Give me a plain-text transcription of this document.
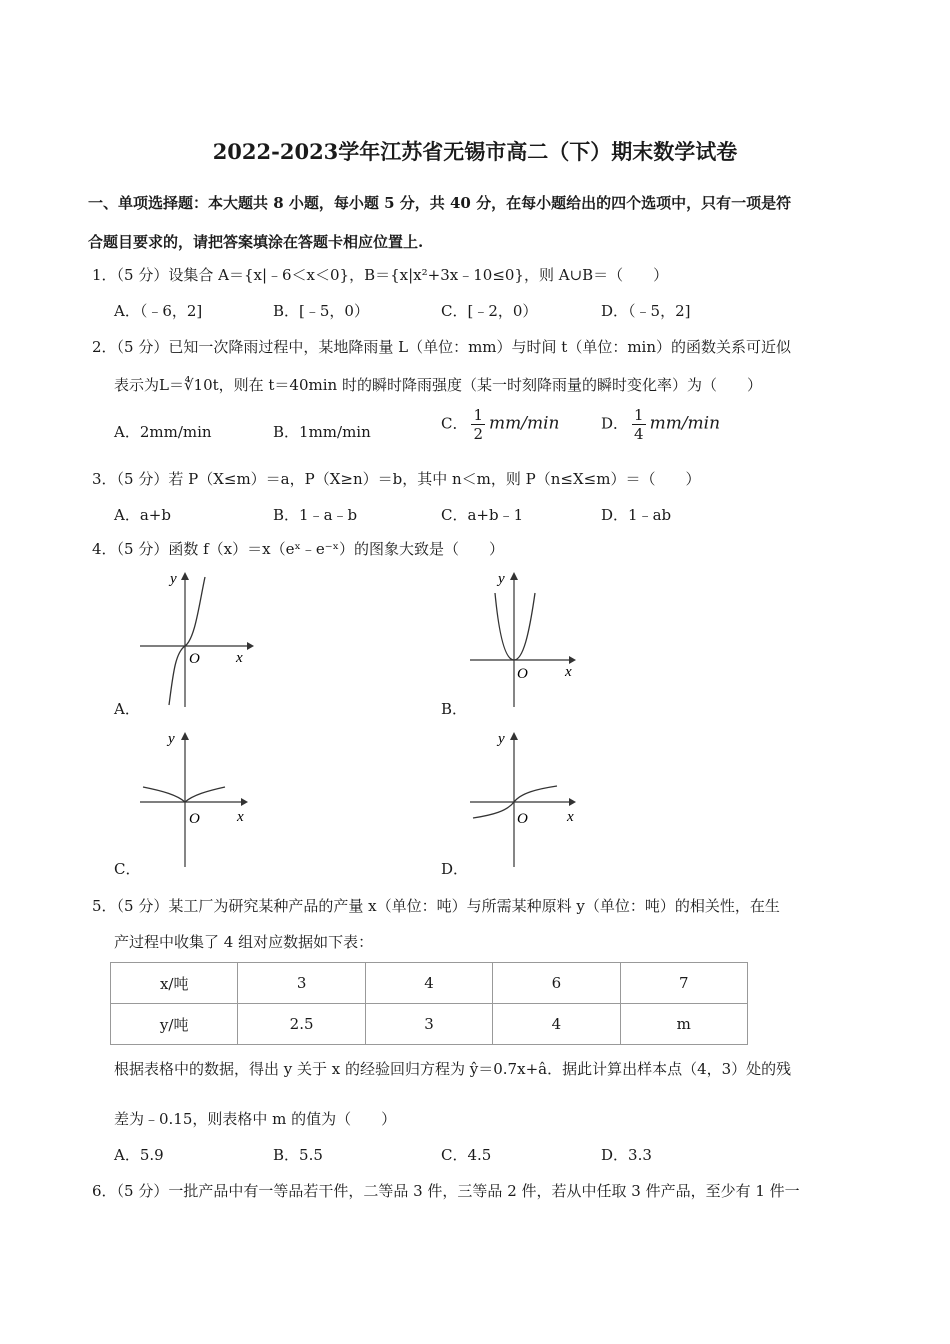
2022-2023学年江苏省无锡市高二（下）期末数学试卷
一、单项选择题：本大题共 8 小题，每小题 5 分，共 40 分，在每小题给出的四个选项中，只有一项是符
合题目要求的，请把答案填涂在答题卡相应位置上.
1．（5 分）设集合 A＝{x|﹣6＜x＜0}，B＝{x|x²+3x﹣10≤0}，则 A∪B＝（　　）
A．（﹣6，2]	B．[﹣5，0）	C．[﹣2，0）	D．（﹣5，2]
2．（5 分）已知一次降雨过程中，某地降雨量 L（单位：mm）与时间 t（单位：min）的函数关系可近似
表示为L＝∜10t，则在 t＝40min 时的瞬时降雨强度（某一时刻降雨量的瞬时变化率）为（　　）
A．2mm/min	B．1mm/min	C． $\frac{1}{2} mm/\min$	D． $\frac{1}{4} mm/\min$
3．（5 分）若 P（X≤m）＝a，P（X≥n）＝b，其中 n＜m，则 P（n≤X≤m）＝（　　）
A．a+b	B．1﹣a﹣b	C．a+b﹣1	D．1﹣ab
4．（5 分）函数 f（x）＝x（eˣ﹣e⁻ˣ）的图象大致是（　　）
y
x
O
A．
y
x
O
B．
y
x
O
C．
y
x
O
D．
5．（5 分）某工厂为研究某种产品的产量 x（单位：吨）与所需某种原料 y（单位：吨）的相关性，在生
产过程中收集了 4 组对应数据如下表：
x/吨	3	4	6	7
y/吨	2.5	3	4	m
根据表格中的数据，得出 y 关于 x 的经验回归方程为 ŷ＝0.7x+â．据此计算出样本点（4，3）处的残
差为﹣0.15，则表格中 m 的值为（　　）
A．5.9	B．5.5	C．4.5	D．3.3
6．（5 分）一批产品中有一等品若干件，二等品 3 件，三等品 2 件，若从中任取 3 件产品，至少有 1 件一
